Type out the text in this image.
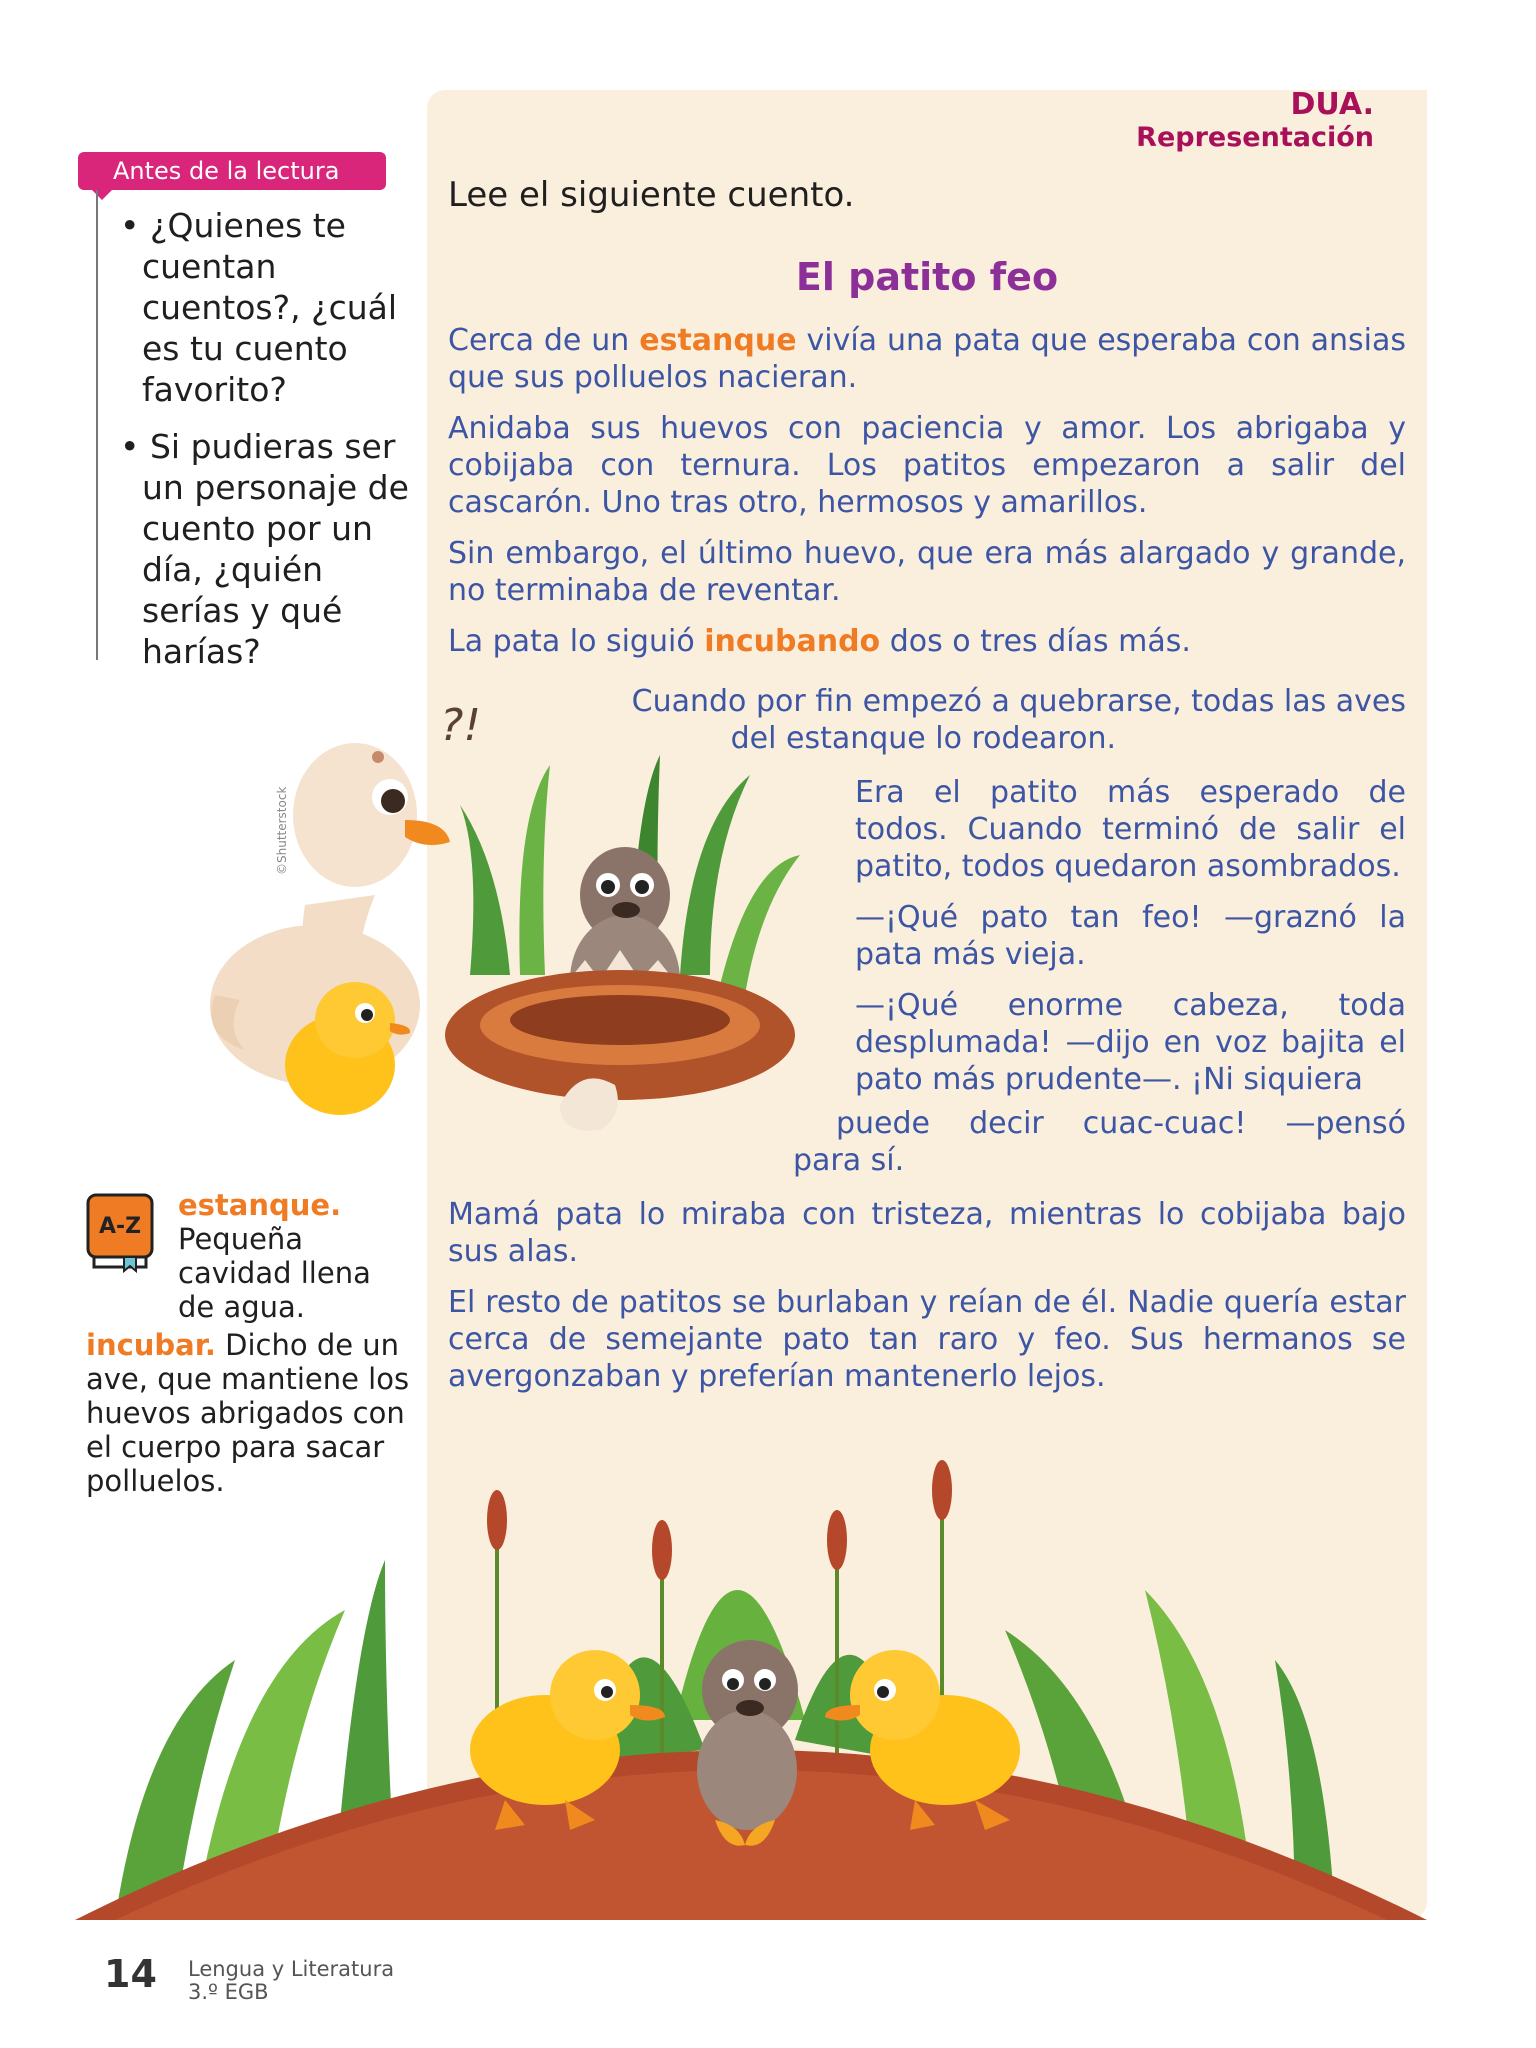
DUA.
Representación
Antes de la lectura
• ¿Quienes te cuentan cuentos?, ¿cuál es tu cuento favorito?
• Si pudieras ser un personaje de cuento por un día, ¿quién serías y qué harías?
©Shutterstock
?!
A-Z
estanque. Pequeña cavidad llena de agua.
incubar. Dicho de un ave, que mantiene los huevos abrigados con el cuerpo para sacar polluelos.
Lee el siguiente cuento.
El patito feo

Cerca de un estanque vivía una pata que esperaba con ansias que sus polluelos nacieran.

Anidaba sus huevos con paciencia y amor. Los abrigaba y cobijaba con ternura. Los patitos empezaron a salir del cascarón. Uno tras otro, hermosos y amarillos.

Sin embargo, el último huevo, que era más alargado y grande, no terminaba de reventar.

La pata lo siguió incubando dos o tres días más.

Cuando por fin empezó a quebrarse, todas las aves
del estanque lo rodearon.

Era el patito más esperado de todos. Cuando terminó de salir el patito, todos quedaron asombrados.

—¡Qué pato tan feo! —graznó la pata más vieja.

—¡Qué enorme cabeza, toda desplumada! —dijo en voz bajita el pato más prudente—. ¡Ni siquiera

puede decir cuac-cuac! —pensó
para sí.

Mamá pata lo miraba con tristeza, mientras lo cobijaba bajo sus alas.

El resto de patitos se burlaban y reían de él. Nadie quería estar cerca de semejante pato tan raro y feo. Sus hermanos se avergonzaban y preferían mantenerlo lejos.

14 Lengua y Literatura
3.º EGB
